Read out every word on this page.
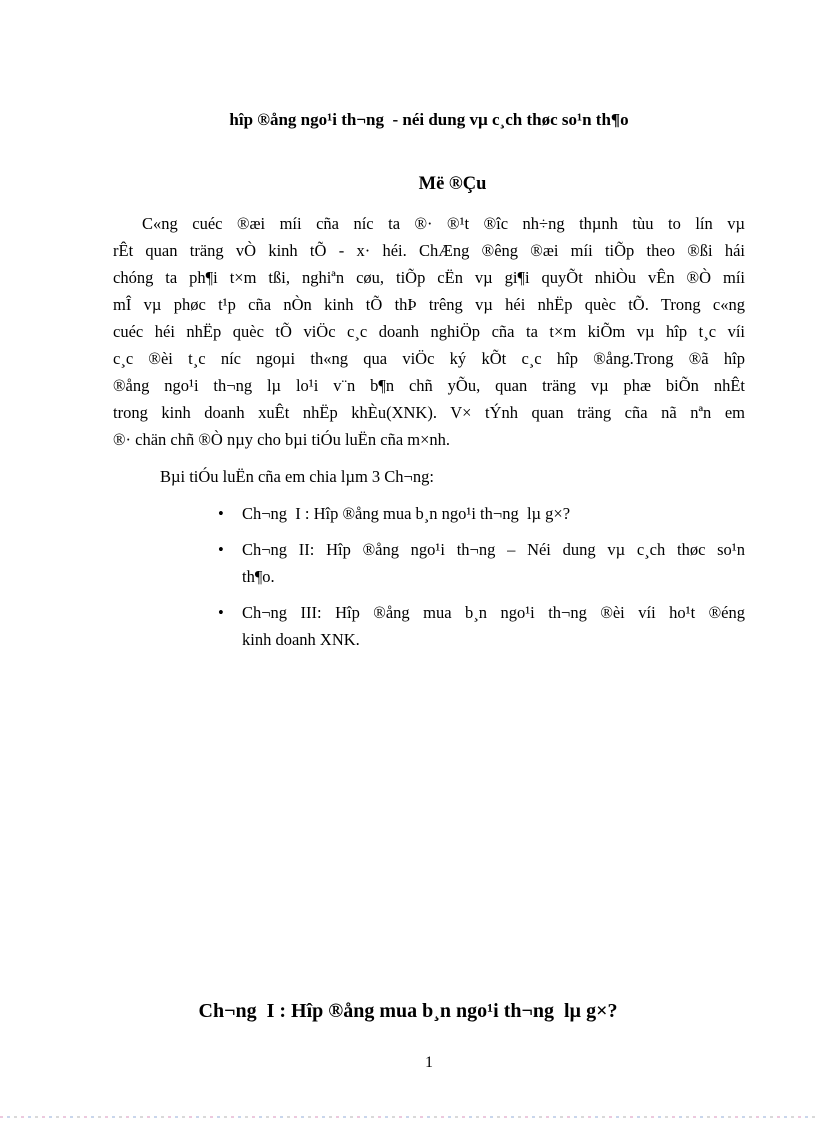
hîp ®ång ngo¹i th¬ng  - néi dung vµ c¸ch thøc so¹n th¶o
Më ®Çu
C«ng cuéc ®æi míi cña níc ta ®· ®¹t ®îc nh÷ng thµnh tùu to lín vµ
rÊt quan träng vÒ kinh tÕ - x· héi. ChÆng ®êng ®æi míi tiÕp theo ®ßi hái
chóng ta ph¶i t×m tßi, nghiªn cøu, tiÕp cËn vµ gi¶i quyÕt nhiÒu vÊn ®Ò míi
mÎ vµ phøc t¹p cña nÒn kinh tÕ thÞ trêng vµ héi nhËp quèc tÕ. Trong c«ng
cuéc héi nhËp quèc tÕ viÖc c¸c doanh nghiÖp cña ta t×m kiÕm vµ hîp t¸c víi
c¸c ®èi t¸c níc ngoµi th«ng qua viÖc ký kÕt c¸c hîp ®ång.Trong ®ã hîp
®ång ngo¹i th¬ng lµ lo¹i v¨n b¶n chñ yÕu, quan träng vµ phæ biÕn nhÊt
trong kinh doanh xuÊt nhËp khÈu(XNK). V× tÝnh quan träng cña nã nªn em
®· chän chñ ®Ò nµy cho bµi tiÓu luËn cña m×nh.
Bµi tiÓu luËn cña em chia lµm 3 Ch¬ng:
• Ch¬ng  I : Hîp ®ång mua b¸n ngo¹i th¬ng  lµ g×?
• Ch¬ng II: Hîp ®ång ngo¹i th¬ng – Néi dung vµ c¸ch thøc so¹n
th¶o.
• Ch¬ng III: Hîp ®ång mua b¸n ngo¹i th¬ng ®èi víi ho¹t ®éng
kinh doanh XNK.
Ch¬ng  I : Hîp ®ång mua b¸n ngo¹i th¬ng  lµ g×?
1
